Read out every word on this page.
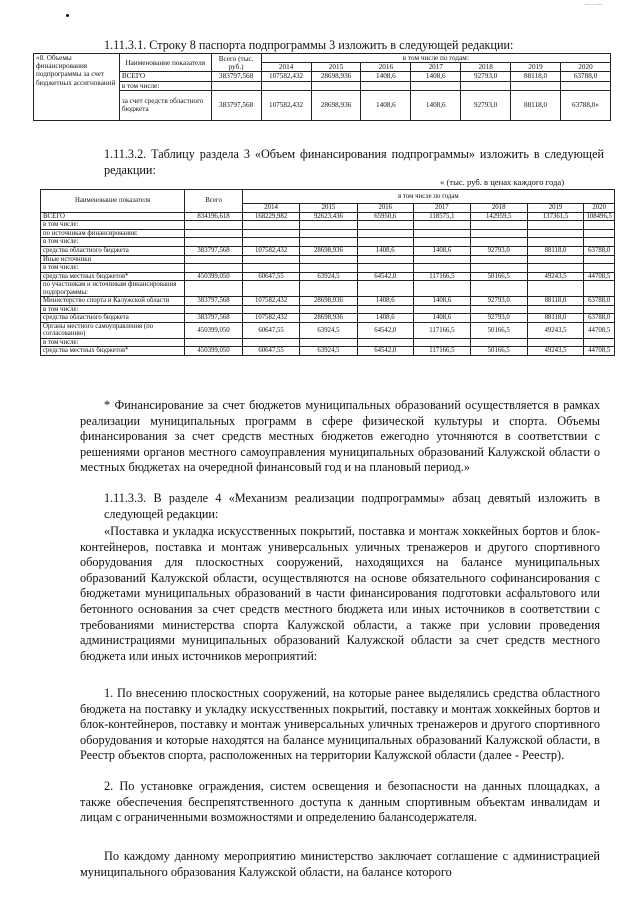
— - —
1.11.3.1. Строку 8 паспорта подпрограммы 3 изложить в следующей редакции:
«8. Объемы финансирования подпрограммы за счет бюджетных ассигнований	Наименование показателя	Всего (тыс. руб.)	в том числе по годам:						
			2014	2015	2016	2017	2018	2019	2020
	ВСЕГО	383797,568	107582,432	28698,936	1408,6	1408,6	92793,0	88118,0	63788,0
	в том числе:								
	за счет средств областного бюджета	383797,568	107582,432	28698,936	1408,6	1408,6	92793,0	88118,0	63788,0»
1.11.3.2. Таблицу раздела 3 «Объем финансирования подпрограммы» изложить в следующей редакции:
« (тыс. руб. в ценах каждого года)
Наименование показателя	Всего	в том числе по годам						
		2014	2015	2016	2017	2018	2019	2020
ВСЕГО	834196,618	168229,982	92623,436	65950,6	118575,1	142959,5	137361,5	108496,5
в том числе:								
по источникам финансирования:								
в том числе:								
средства областного бюджета	383797,568	107582,432	28698,936	1408,6	1408,6	92793,0	88118,0	63788,0
Иные источники								
в том числе:								
средства местных бюджетов*	450399,050	60647,55	63924,5	64542,0	117166,5	50166,5	49243,5	44708,5
по участникам и источникам финансирования подпрограммы:								
Министерство спорта и Калужской области	383797,568	107582,432	28698,936	1408,6	1408,6	92793,0	88118,0	63788,0
в том числе:								
средства областного бюджета	383797,568	107582,432	28698,936	1408,6	1408,6	92793,0	88118,0	63788,0
Органы местного самоуправления (по согласованию)	450399,050	60647,55	63924,5	64542,0	117166,5	50166,5	49243,5	44708,5
в том числе:								
средства местных бюджетов*	450399,050	60647,55	63924,5	64542,0	117166,5	50166,5	49243,5	44708,5
* Финансирование за счет бюджетов муниципальных образований осуществляется в рамках реализации муниципальных программ в сфере физической культуры и спорта. Объемы финансирования за счет средств местных бюджетов ежегодно уточняются в соответствии с решениями органов местного самоуправления муниципальных образований Калужской области о местных бюджетах на очередной финансовый год и на плановый период.»
1.11.3.3. В разделе 4 «Механизм реализации подпрограммы» абзац девятый изложить в следующей редакции:
«Поставка и укладка искусственных покрытий, поставка и монтаж хоккейных бортов и блок-контейнеров, поставка и монтаж универсальных уличных тренажеров и другого спортивного оборудования для плоскостных сооружений, находящихся на балансе муниципальных образований Калужской области, осуществляются на основе обязательного софинансирования с бюджетами муниципальных образований в части финансирования подготовки асфальтового или бетонного основания за счет средств местного бюджета или иных источников в соответствии с требованиями министерства спорта Калужской области, а также при условии проведения администрациями муниципальных образований Калужской области за счет средств местного бюджета или иных источников мероприятий:
1. По внесению плоскостных сооружений, на которые ранее выделялись средства областного бюджета на поставку и укладку искусственных покрытий, поставку и монтаж хоккейных бортов и блок-контейнеров, поставку и монтаж универсальных уличных тренажеров и другого спортивного оборудования и которые находятся на балансе муниципальных образований Калужской области, в Реестр объектов спорта, расположенных на территории Калужской области (далее - Реестр).
2. По установке ограждения, систем освещения и безопасности на данных площадках, а также обеспечения беспрепятственного доступа к данным спортивным объектам инвалидам и лицам с ограниченными возможностями и определению балансодержателя.
По каждому данному мероприятию министерство заключает соглашение с администрацией муниципального образования Калужской области, на балансе которого
